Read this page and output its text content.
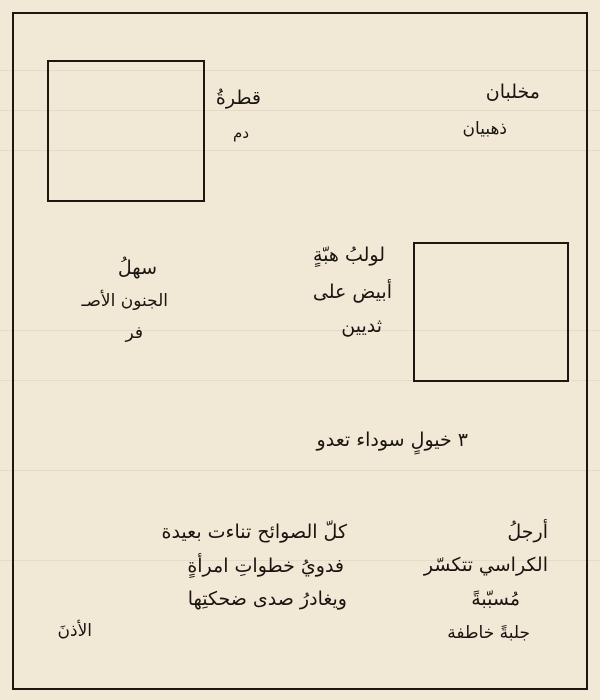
مخلبان
ذهبيان
قطرةُ
دم
لولبُ هبّةٍ
أبيض على
ثديين
سهلُ
الجنون الأصـ
فر
٣ خيولٍ سوداء تعدو
أرجلُ
الكراسي تتكسّر
مُسبّبةً
جلبةً خاطفة
كلّ الصوائح تناءت بعيدة
فدويُ خطواتِ امرأةٍ
ويغادرُ صدى ضحكتِها
الأذنَ
